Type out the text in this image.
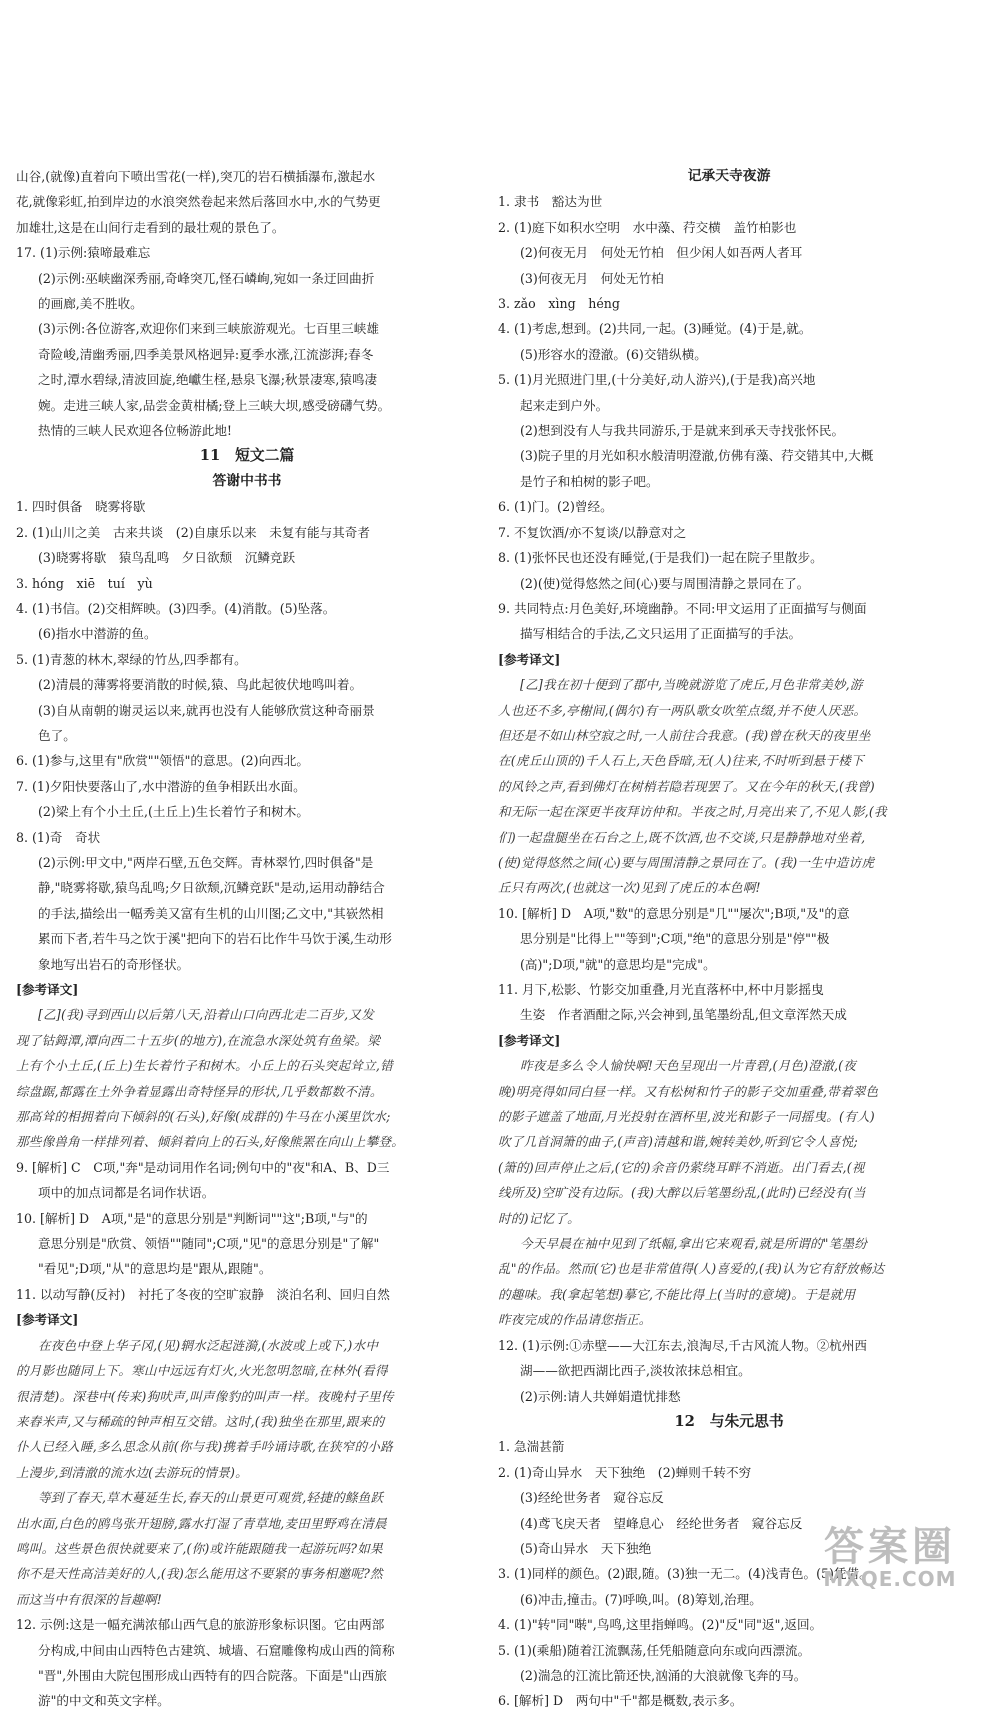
山谷,(就像)直着向下喷出雪花(一样),突兀的岩石横插瀑布,激起水

花,就像彩虹,拍到岸边的水浪突然卷起来然后落回水中,水的气势更

加雄壮,这是在山间行走看到的最壮观的景色了。

17. (1)示例:猿啼最难忘

(2)示例:巫峡幽深秀丽,奇峰突兀,怪石嶙峋,宛如一条迂回曲折

的画廊,美不胜收。

(3)示例:各位游客,欢迎你们来到三峡旅游观光。七百里三峡雄

奇险峻,清幽秀丽,四季美景风格迥异:夏季水涨,江流澎湃;春冬

之时,潭水碧绿,清波回旋,绝巘生柽,悬泉飞瀑;秋景凄寒,猿鸣凄

婉。走进三峡人家,品尝金黄柑橘;登上三峡大坝,感受磅礴气势。

热情的三峡人民欢迎各位畅游此地!

11　短文二篇

答谢中书书

1. 四时俱备　晓雾将歇

2. (1)山川之美　古来共谈　(2)自康乐以来　未复有能与其奇者

(3)晓雾将歇　猿鸟乱鸣　夕日欲颓　沉鳞竞跃

3. hóng　xiē　tuí　yù

4. (1)书信。(2)交相辉映。(3)四季。(4)消散。(5)坠落。

(6)指水中潜游的鱼。

5. (1)青葱的林木,翠绿的竹丛,四季都有。

(2)清晨的薄雾将要消散的时候,猿、鸟此起彼伏地鸣叫着。

(3)自从南朝的谢灵运以来,就再也没有人能够欣赏这种奇丽景

色了。

6. (1)参与,这里有"欣赏""领悟"的意思。(2)向西北。

7. (1)夕阳快要落山了,水中潜游的鱼争相跃出水面。

(2)梁上有个小土丘,(土丘上)生长着竹子和树木。

8. (1)奇　奇状

(2)示例:甲文中,"两岸石壁,五色交辉。青林翠竹,四时俱备"是

静,"晓雾将歇,猿鸟乱鸣;夕日欲颓,沉鳞竞跃"是动,运用动静结合

的手法,描绘出一幅秀美又富有生机的山川图;乙文中,"其嵚然相

累而下者,若牛马之饮于溪"把向下的岩石比作牛马饮于溪,生动形

象地写出岩石的奇形怪状。

[参考译文]

[乙](我)寻到西山以后第八天,沿着山口向西北走二百步,又发

现了钴鉧潭,潭向西二十五步(的地方),在流急水深处筑有鱼梁。梁

上有个小土丘,(丘上)生长着竹子和树木。小丘上的石头突起耸立,错

综盘踞,都露在土外争着显露出奇特怪异的形状,几乎数都数不清。

那高耸的相拥着向下倾斜的(石头),好像(成群的)牛马在小溪里饮水;

那些像兽角一样排列着、倾斜着向上的石头,好像熊罴在向山上攀登。

9. [解析] C　C项,"奔"是动词用作名词;例句中的"夜"和A、B、D三

项中的加点词都是名词作状语。

10. [解析] D　A项,"是"的意思分别是"判断词""这";B项,"与"的

意思分别是"欣赏、领悟""随同";C项,"见"的意思分别是"了解"

"看见";D项,"从"的意思均是"跟从,跟随"。

11. 以动写静(反衬)　衬托了冬夜的空旷寂静　淡泊名利、回归自然

[参考译文]

在夜色中登上华子冈,(见)辋水泛起涟漪,(水波或上或下,)水中

的月影也随同上下。寒山中远远有灯火,火光忽明忽暗,在林外(看得

很清楚)。深巷中(传来)狗吠声,叫声像豹的叫声一样。夜晚村子里传

来舂米声,又与稀疏的钟声相互交错。这时,(我)独坐在那里,跟来的

仆人已经入睡,多么思念从前(你与我)携着手吟诵诗歌,在狭窄的小路

上漫步,到清澈的流水边(去游玩的情景)。

等到了春天,草木蔓延生长,春天的山景更可观赏,轻捷的鲦鱼跃

出水面,白色的鸥鸟张开翅膀,露水打湿了青草地,麦田里野鸡在清晨

鸣叫。这些景色很快就要来了,(你)或许能跟随我一起游玩吗?如果

你不是天性高洁美好的人,(我)怎么能用这不要紧的事务相邀呢?然

而这当中有很深的旨趣啊!

12. 示例:这是一幅充满浓郁山西气息的旅游形象标识图。它由两部

分构成,中间由山西特色古建筑、城墙、石窟雕像构成山西的简称

"晋",外围由大院包围形成山西特有的四合院落。下面是"山西旅

游"的中文和英文字样。

记承天寺夜游

1. 隶书　豁达为世

2. (1)庭下如积水空明　水中藻、荇交横　盖竹柏影也

(2)何夜无月　何处无竹柏　但少闲人如吾两人者耳

(3)何夜无月　何处无竹柏

3. zǎo　xìng　héng

4. (1)考虑,想到。(2)共同,一起。(3)睡觉。(4)于是,就。

(5)形容水的澄澈。(6)交错纵横。

5. (1)月光照进门里,(十分美好,动人游兴),(于是我)高兴地

起来走到户外。

(2)想到没有人与我共同游乐,于是就来到承天寺找张怀民。

(3)院子里的月光如积水般清明澄澈,仿佛有藻、荇交错其中,大概

是竹子和柏树的影子吧。

6. (1)门。(2)曾经。

7. 不复饮酒/亦不复谈/以静意对之

8. (1)张怀民也还没有睡觉,(于是我们)一起在院子里散步。

(2)(使)觉得悠然之间(心)要与周围清静之景同在了。

9. 共同特点:月色美好,环境幽静。不同:甲文运用了正面描写与侧面

描写相结合的手法,乙文只运用了正面描写的手法。

[参考译文]

[乙]我在初十便到了郡中,当晚就游览了虎丘,月色非常美妙,游

人也还不多,亭榭间,(偶尔)有一两队歌女吹笙点缀,并不使人厌恶。

但还是不如山林空寂之时,一人前往合我意。(我)曾在秋天的夜里坐

在(虎丘山顶的)千人石上,天色昏暗,无(人)往来,不时听到悬于楼下

的风铃之声,看到佛灯在树梢若隐若现罢了。又在今年的秋天,(我曾)

和无际一起在深更半夜拜访仲和。半夜之时,月亮出来了,不见人影,(我

们)一起盘腿坐在石台之上,既不饮酒,也不交谈,只是静静地对坐着,

(使)觉得悠然之间(心)要与周围清静之景同在了。(我)一生中造访虎

丘只有两次,(也就这一次)见到了虎丘的本色啊!

10. [解析] D　A项,"数"的意思分别是"几""屡次";B项,"及"的意

思分别是"比得上""等到";C项,"绝"的意思分别是"停""极

(高)";D项,"就"的意思均是"完成"。

11. 月下,松影、竹影交加重叠,月光直落杯中,杯中月影摇曳

生姿　作者酒酣之际,兴会神到,虽笔墨纷乱,但文章浑然天成

[参考译文]

昨夜是多么令人愉快啊!天色呈现出一片青碧,(月色)澄澈,(夜

晚)明亮得如同白昼一样。又有松树和竹子的影子交加重叠,带着翠色

的影子遮盖了地面,月光投射在酒杯里,波光和影子一同摇曳。(有人)

吹了几首洞箫的曲子,(声音)清越和谐,婉转美妙,听到它令人喜悦;

(箫的)回声停止之后,(它的)余音仍萦绕耳畔不消逝。出门看去,(视

线所及)空旷没有边际。(我)大醉以后笔墨纷乱,(此时)已经没有(当

时的)记忆了。

今天早晨在袖中见到了纸幅,拿出它来观看,就是所谓的"笔墨纷

乱"的作品。然而(它)也是非常值得(人)喜爱的,(我)认为它有舒放畅达

的趣味。我(拿起笔想)摹它,不能比得上(当时的意境)。于是就用

昨夜完成的作品请您指正。

12. (1)示例:①赤壁——大江东去,浪淘尽,千古风流人物。②杭州西

湖——欲把西湖比西子,淡妆浓抹总相宜。

(2)示例:请人共婵娟遣忧排愁

12　与朱元思书

1. 急湍甚箭

2. (1)奇山异水　天下独绝　(2)蝉则千转不穷

(3)经纶世务者　窥谷忘反

(4)鸢飞戾天者　望峰息心　经纶世务者　窥谷忘反

(5)奇山异水　天下独绝

3. (1)同样的颜色。(2)跟,随。(3)独一无二。(4)浅青色。(5)凭借。

(6)冲击,撞击。(7)呼唤,叫。(8)筹划,治理。

4. (1)"转"同"啭",鸟鸣,这里指蝉鸣。(2)"反"同"返",返回。

5. (1)(乘船)随着江流飘荡,任凭船随意向东或向西漂流。

(2)湍急的江流比箭还快,汹涌的大浪就像飞奔的马。

6. [解析] D　两句中"千"都是概数,表示多。

答案圈
MXQE.COM
